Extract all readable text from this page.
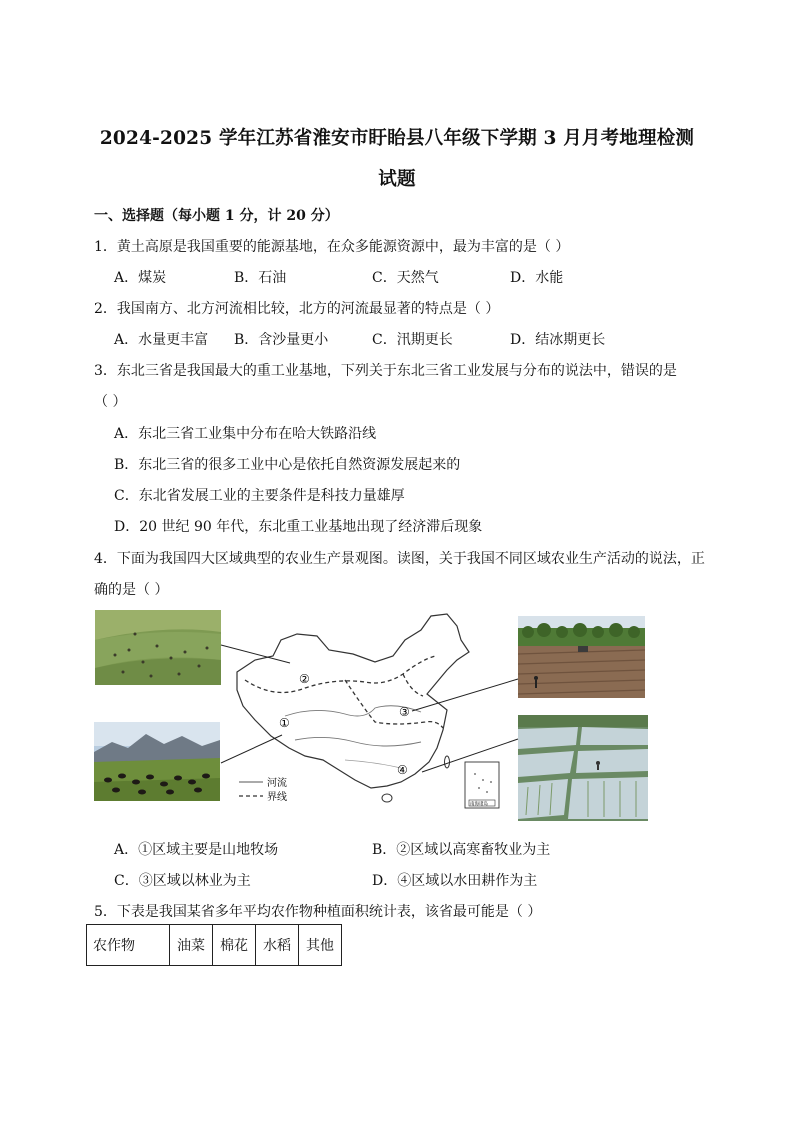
2024-2025 学年江苏省淮安市盱眙县八年级下学期 3 月月考地理检测
试题
一、选择题（每小题 1 分，计 20 分）
1．黄土高原是我国重要的能源基地，在众多能源资源中，最为丰富的是（ ）
A．煤炭	B．石油	C．天然气	D．水能
2．我国南方、北方河流相比较，北方的河流最显著的特点是（ ）
A．水量更丰富 B．含沙量更小	C．汛期更长	D．结冰期更长
3．东北三省是我国最大的重工业基地，下列关于东北三省工业发展与分布的说法中，错误的是
（ ）
A．东北三省工业集中分布在哈大铁路沿线
B．东北三省的很多工业中心是依托自然资源发展起来的
C．东北省发展工业的主要条件是科技力量雄厚
D．20 世纪 90 年代，东北重工业基地出现了经济滞后现象
4．下面为我国四大区域典型的农业生产景观图。读图，关于我国不同区域农业生产活动的说法，正
确的是（ ）
②
①
③
④
河流
界线
南海诸岛
A．①区域主要是山地牧场	B．②区域以高寒畜牧业为主
C．③区域以林业为主	D．④区域以水田耕作为主
5．下表是我国某省多年平均农作物种植面积统计表，该省最可能是（ ）
农作物	油菜	棉花	水稻	其他
